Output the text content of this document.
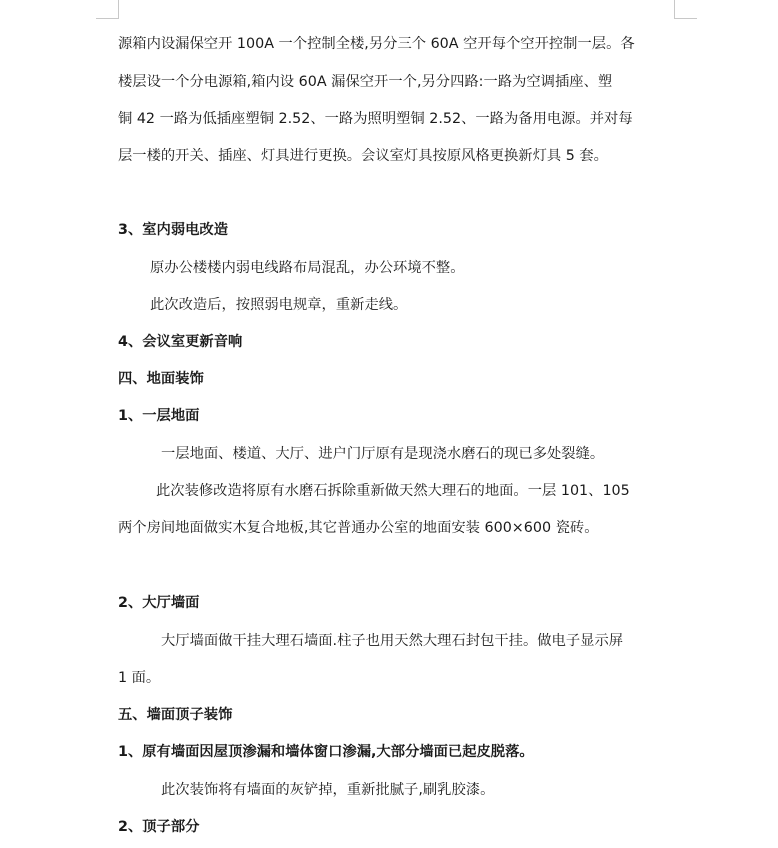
源箱内设漏保空开 100A 一个控制全楼,另分三个 60A 空开每个空开控制一层。各
楼层设一个分电源箱,箱内设 60A 漏保空开一个,另分四路:一路为空调插座、塑
铜 42 一路为低插座塑铜 2.52、一路为照明塑铜 2.52、一路为备用电源。并对每
层一楼的开关、插座、灯具进行更换。会议室灯具按原风格更换新灯具 5 套。
3、室内弱电改造
原办公楼楼内弱电线路布局混乱，办公环境不整。
此次改造后，按照弱电规章，重新走线。
4、会议室更新音响
四、地面装饰
1、一层地面
一层地面、楼道、大厅、进户门厅原有是现浇水磨石的现已多处裂缝。
此次装修改造将原有水磨石拆除重新做天然大理石的地面。一层 101、105
两个房间地面做实木复合地板,其它普通办公室的地面安装 600×600 瓷砖。
2、大厅墙面
大厅墙面做干挂大理石墙面.柱子也用天然大理石封包干挂。做电子显示屏
1 面。
五、墙面顶子装饰
1、原有墙面因屋顶渗漏和墙体窗口渗漏,大部分墙面已起皮脱落。
此次装饰将有墙面的灰铲掉，重新批腻子,刷乳胶漆。
2、顶子部分
